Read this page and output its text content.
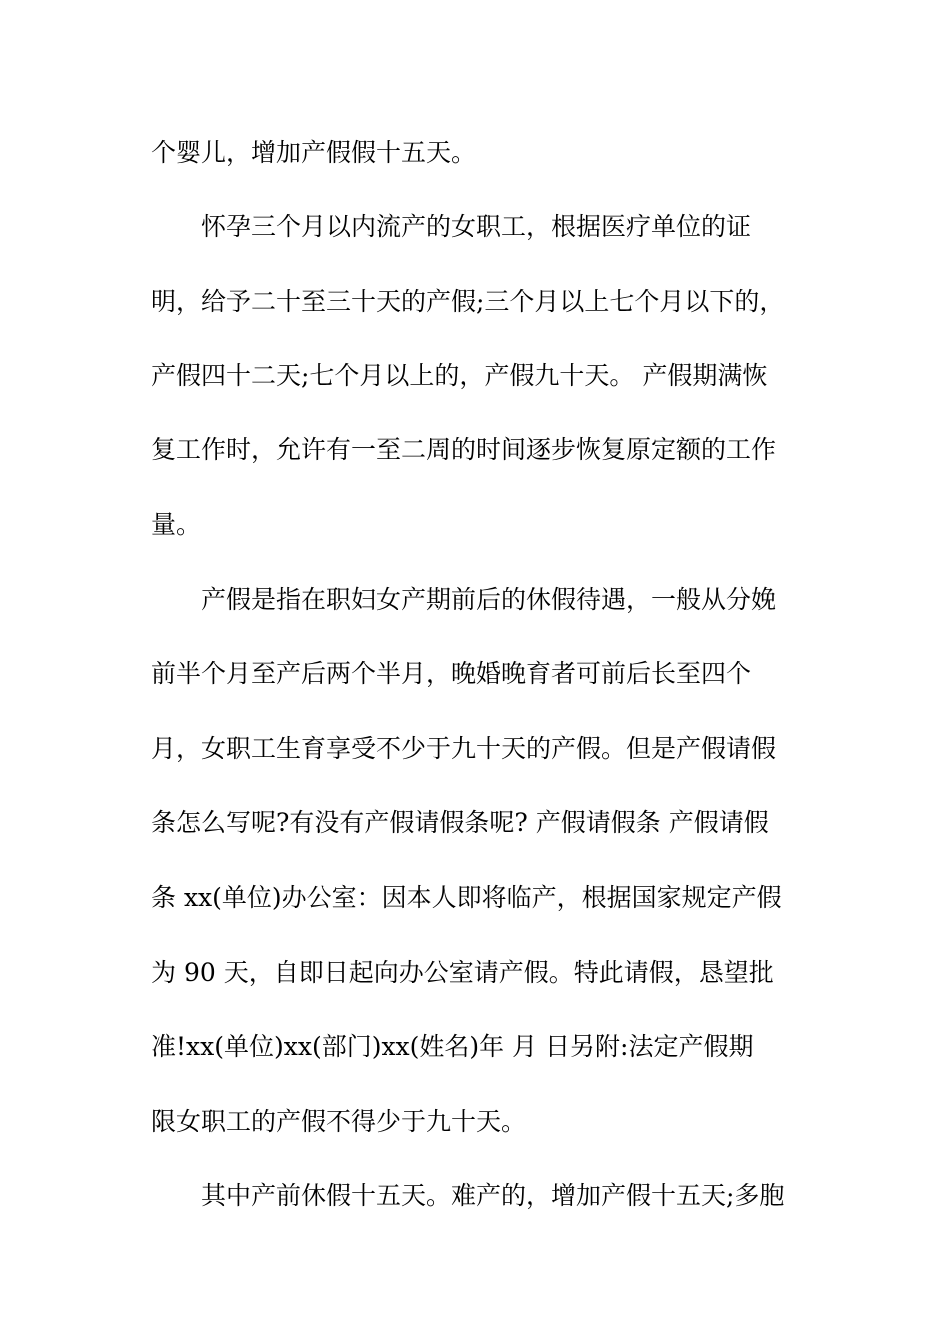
个婴儿，增加产假假十五天。
怀孕三个月以内流产的女职工，根据医疗单位的证
明，给予二十至三十天的产假;三个月以上七个月以下的，
产假四十二天;七个月以上的，产假九十天。 产假期满恢
复工作时，允许有一至二周的时间逐步恢复原定额的工作
量。
产假是指在职妇女产期前后的休假待遇，一般从分娩
前半个月至产后两个半月，晚婚晚育者可前后长至四个
月，女职工生育享受不少于九十天的产假。但是产假请假
条怎么写呢?有没有产假请假条呢? 产假请假条 产假请假
条 xx(单位)办公室：因本人即将临产，根据国家规定产假
为 90 天，自即日起向办公室请产假。特此请假，恳望批
准!xx(单位)xx(部门)xx(姓名)年 月 日另附:法定产假期
限女职工的产假不得少于九十天。
其中产前休假十五天。难产的，增加产假十五天;多胞
